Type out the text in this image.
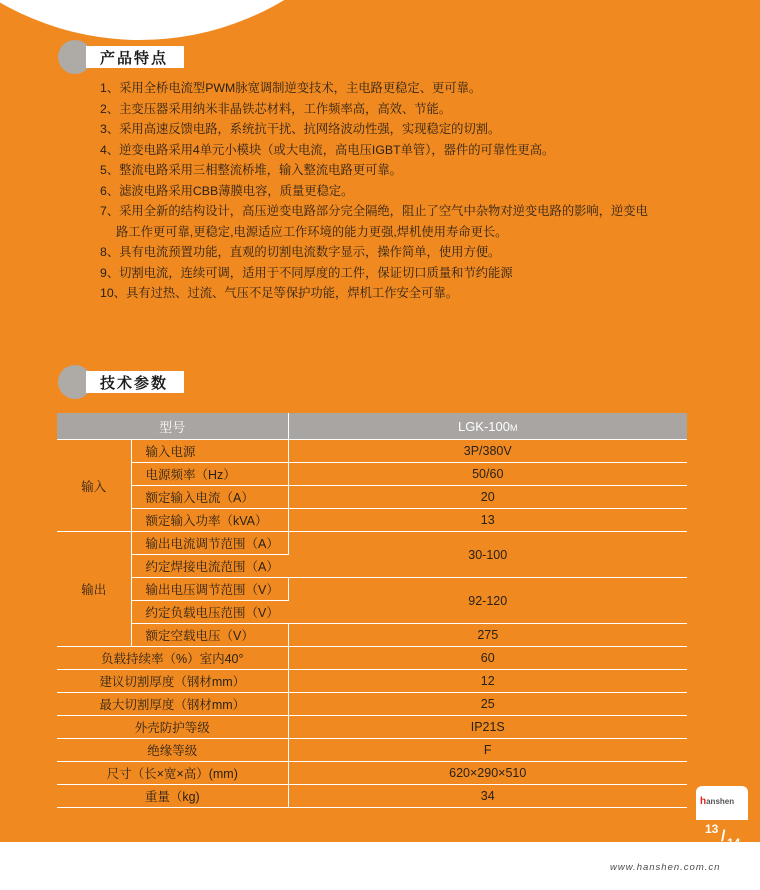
产品特点
1、采用全桥电流型PWM脉宽调制逆变技术，主电路更稳定、更可靠。
2、主变压器采用纳米非晶铁芯材料，工作频率高，高效、节能。
3、采用高速反馈电路，系统抗干扰、抗网络波动性强，实现稳定的切割。
4、逆变电路采用4单元小模块（或大电流，高电压IGBT单管），器件的可靠性更高。
5、整流电路采用三相整流桥堆，输入整流电路更可靠。
6、滤波电路采用CBB薄膜电容，质量更稳定。
7、采用全新的结构设计，高压逆变电路部分完全隔绝，阻止了空气中杂物对逆变电路的影响，逆变电
路工作更可靠,更稳定,电源适应工作环境的能力更强,焊机使用寿命更长。
8、具有电流预置功能，直观的切割电流数字显示，操作简单，使用方便。
9、切割电流，连续可调，适用于不同厚度的工件，保证切口质量和节约能源
10、具有过热、过流、气压不足等保护功能，焊机工作安全可靠。
技术参数
型号		LGK-100M
输入	输入电源	3P/380V
	电源频率（Hz）	50/60
	额定输入电流（A）	20
	额定输入功率（kVA）	13
输出	输出电流调节范围（A）	30-100
	约定焊接电流范围（A）	
	输出电压调节范围（V）	92-120
	约定负载电压范围（V）	
	额定空载电压（V）	275
负载持续率（%）室内40°		60
建议切割厚度（钢材mm）		12
最大切割厚度（钢材mm）		25
外壳防护等级		IP21S
绝缘等级		F
尺寸（长×宽×高）(mm)		620×290×510
重量（kg)		34	hanshen
13 / 14
www.hanshen.com.cn
